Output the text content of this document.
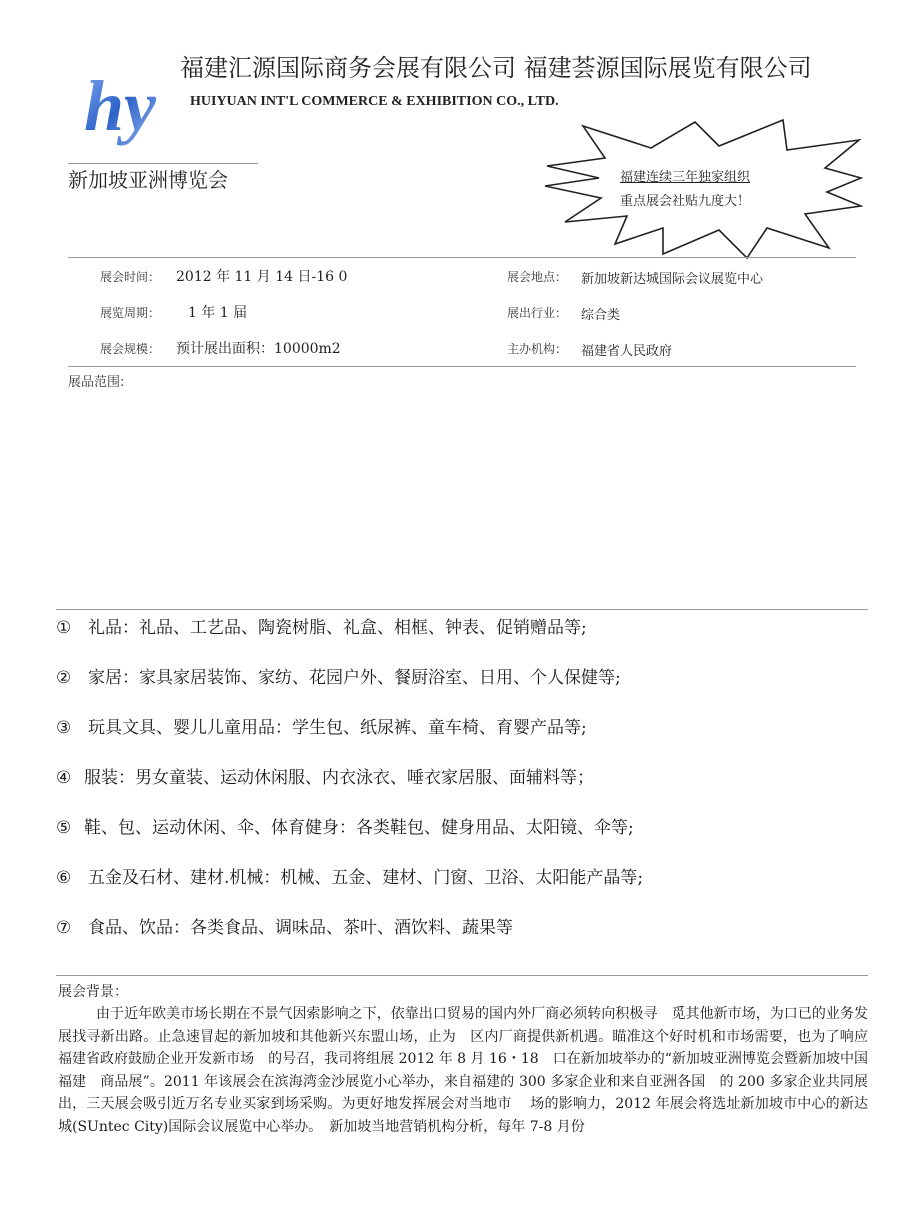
hy 福建汇源国际商务会展有限公司 福建荟源国际展览有限公司HUIYUAN INT'L COMMERCE & EXHIBITION CO., LTD.
新加坡亚洲博览会	福建连续三年独家组织
重点展会社贴九度大！
展会时间： 2012 年 11 月 14 日-16 0	展会地点： 新加坡新达城国际会议展览中心
展览周期： 1 年 1 届	展出行业： 综合类
展会规模： 预计展出面积：10000m2	主办机构： 福建省人民政府
展品范围:
① 礼品：礼品、工艺品、陶瓷树脂、礼盒、相框、钟表、促销赠品等;
② 家居：家具家居装饰、家纺、花园户外、餐厨浴室、日用、个人保健等;
③ 玩具文具、婴儿儿童用品：学生包、纸尿裤、童车椅、育婴产品等;
④ 服装：男女童装、运动休闲服、内衣泳衣、唾衣家居服、面辅料等；
⑤ 鞋、包、运动休闲、伞、体育健身：各类鞋包、健身用品、太阳镜、伞等;
⑥ 五金及石材、建材.机械：机械、五金、建材、门窗、卫浴、太阳能产晶等;
⑦ 食品、饮品：各类食品、调味品、茶叶、酒饮料、蔬果等
展会背景：
由于近年欧美市场长期在不景气因索影响之下，依靠出口贸易的国内外厂商必须转向积极寻　觅其他新市场，为口已的业务发展找寻新出路。止急速冒起的新加坡和其他新兴东盟山场，止为　区内厂商提供新机遇。瞄准这个好时机和市场需要，也为了响应福建省政府鼓励企业开发新市场　的号召，我司将组展 2012 年 8 月 16・18　口在新加坡举办的“新加坡亚洲博览会暨新加坡中国福建　商品展”。2011 年该展会在滨海湾金沙展览小心举办，来自福建的 300 多家企业和来自亚洲各国　的 200 多家企业共同展出，三天展会吸引近万名专业买家到场采购。为更好地发挥展会对当地市　 场的影响力，2012 年展会将选址新加坡市中心的新达城(SUntec City)国际会议展览中心举办。　新加坡当地营销机构分析，每年 7-8 月份
